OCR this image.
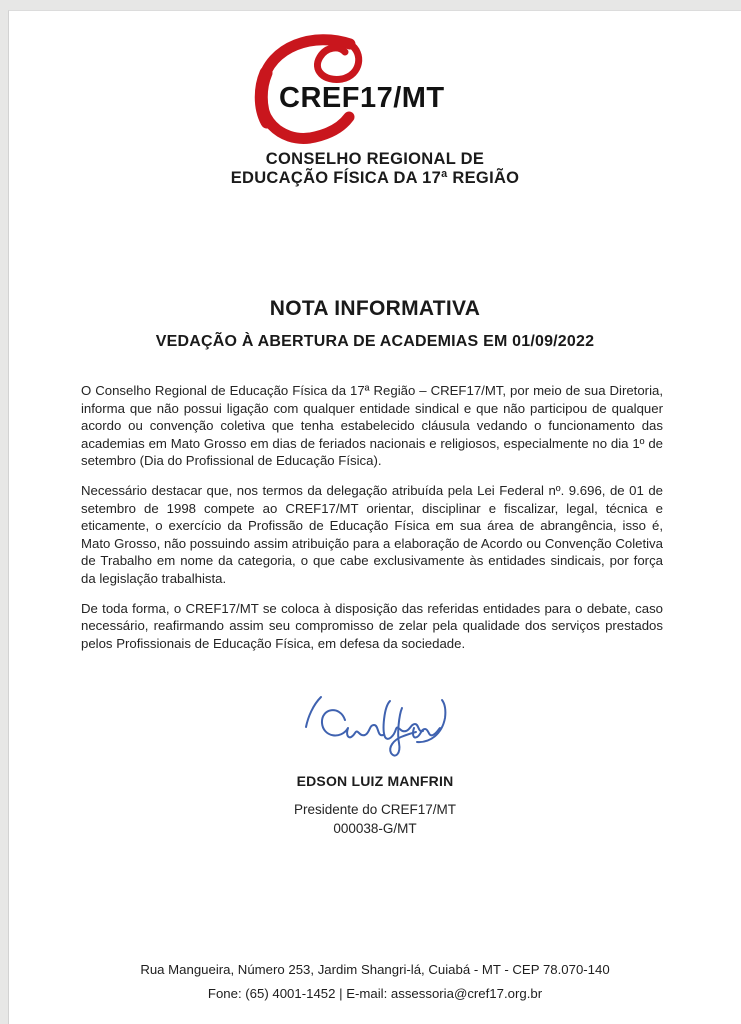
CREF17/MT
CONSELHO REGIONAL DE
EDUCAÇÃO FÍSICA DA 17ª REGIÃO
NOTA INFORMATIVA
VEDAÇÃO À ABERTURA DE ACADEMIAS EM 01/09/2022

O Conselho Regional de Educação Física da 17ª Região – CREF17/MT, por meio de sua Diretoria, informa que não possui ligação com qualquer entidade sindical e que não participou de qualquer acordo ou convenção coletiva que tenha estabelecido cláusula vedando o funcionamento das academias em Mato Grosso em dias de feriados nacionais e religiosos, especialmente no dia 1º de setembro (Dia do Profissional de Educação Física).

Necessário destacar que, nos termos da delegação atribuída pela Lei Federal nº. 9.696, de 01 de setembro de 1998 compete ao CREF17/MT orientar, disciplinar e fiscalizar, legal, técnica e eticamente, o exercício da Profissão de Educação Física em sua área de abrangência, isso é, Mato Grosso, não possuindo assim atribuição para a elaboração de Acordo ou Convenção Coletiva de Trabalho em nome da categoria, o que cabe exclusivamente às entidades sindicais, por força da legislação trabalhista.

De toda forma, o CREF17/MT se coloca à disposição das referidas entidades para o debate, caso necessário, reafirmando assim seu compromisso de zelar pela qualidade dos serviços prestados pelos Profissionais de Educação Física, em defesa da sociedade.

EDSON LUIZ MANFRIN
Presidente do CREF17/MT
000038-G/MT
Rua Mangueira, Número 253, Jardim Shangri-lá, Cuiabá - MT - CEP 78.070-140
Fone: (65) 4001-1452 | E-mail: assessoria@cref17.org.br
